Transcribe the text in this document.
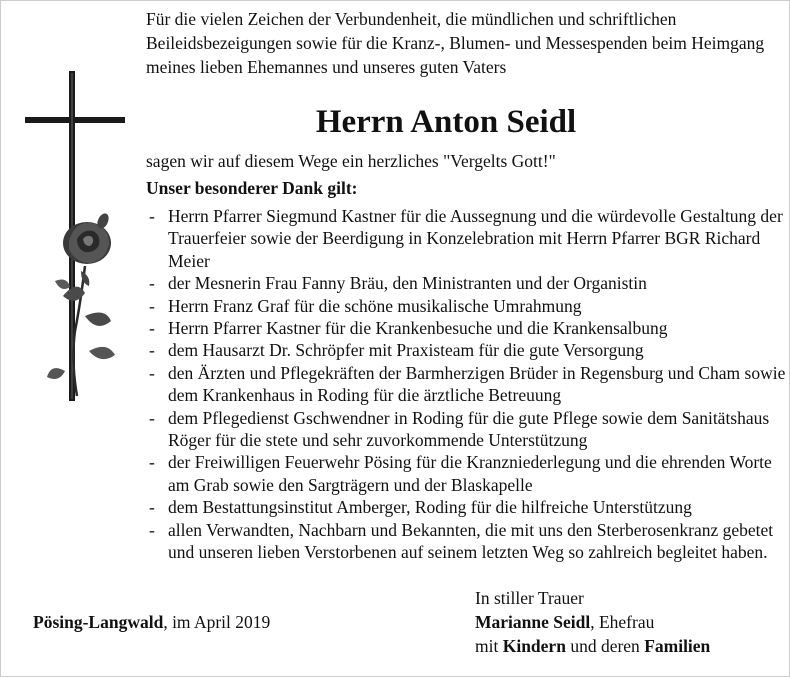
Für die vielen Zeichen der Verbundenheit, die mündlichen und schriftlichen Beileidsbezeigungen sowie für die Kranz-, Blumen- und Messespenden beim Heimgang meines lieben Ehemannes und unseres guten Vaters
Herrn Anton Seidl
sagen wir auf diesem Wege ein herzliches "Vergelts Gott!"
Unser besonderer Dank gilt:
- Herrn Pfarrer Siegmund Kastner für die Aussegnung und die würdevolle Gestaltung der Trauerfeier sowie der Beerdigung in Konzelebration mit Herrn Pfarrer BGR Richard Meier
- der Mesnerin Frau Fanny Bräu, den Ministranten und der Organistin
- Herrn Franz Graf für die schöne musikalische Umrahmung
- Herrn Pfarrer Kastner für die Krankenbesuche und die Krankensalbung
- dem Hausarzt Dr. Schröpfer mit Praxisteam für die gute Versorgung
- den Ärzten und Pflegekräften der Barmherzigen Brüder in Regensburg und Cham sowie dem Krankenhaus in Roding für die ärztliche Betreuung
- dem Pflegedienst Gschwendner in Roding für die gute Pflege sowie dem Sanitätshaus Röger für die stete und sehr zuvorkommende Unterstützung
- der Freiwilligen Feuerwehr Pösing für die Kranzniederlegung und die ehrenden Worte am Grab sowie den Sargträgern und der Blaskapelle
- dem Bestattungsinstitut Amberger, Roding für die hilfreiche Unterstützung
- allen Verwandten, Nachbarn und Bekannten, die mit uns den Sterberosenkranz gebetet und unseren lieben Verstorbenen auf seinem letzten Weg so zahlreich begleitet haben.
Pösing-Langwald, im April 2019
In stiller Trauer
Marianne Seidl, Ehefrau
mit Kindern und deren Familien
